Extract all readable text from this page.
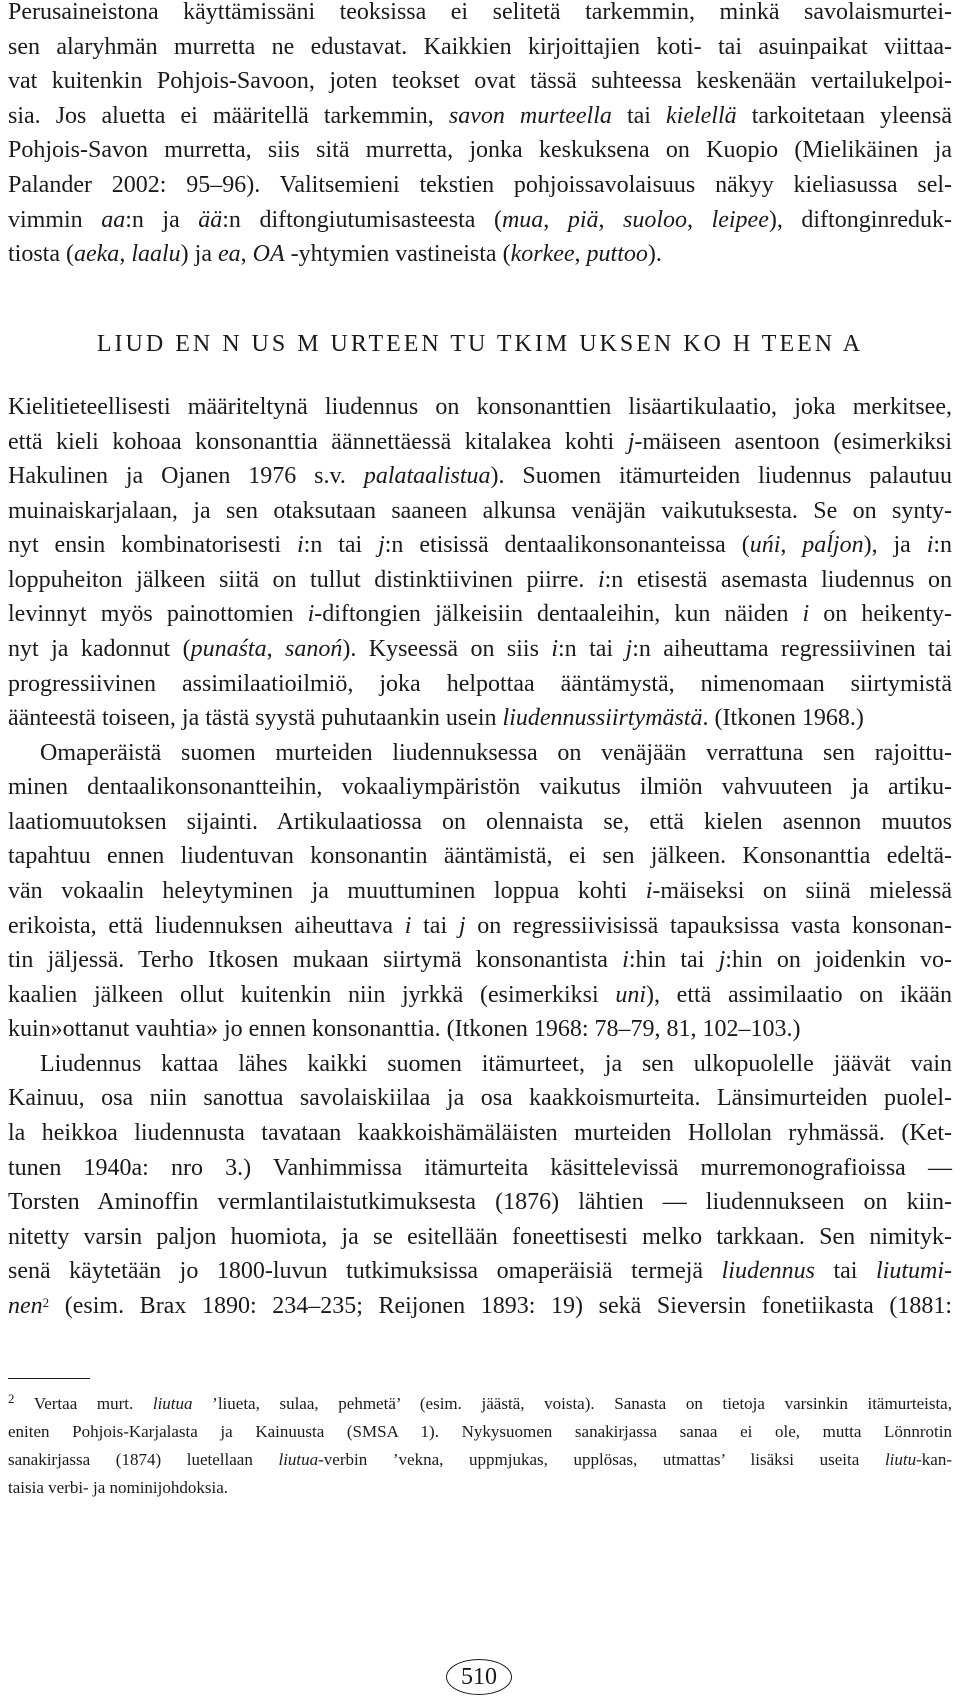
Perusaineistona käyttämissäni teoksissa ei selitetä tarkemmin, minkä savolaismurtei-
sen alaryhmän murretta ne edustavat. Kaikkien kirjoittajien koti- tai asuinpaikat viittaa-
vat kuitenkin Pohjois-Savoon, joten teokset ovat tässä suhteessa keskenään vertailukelpoi-
sia. Jos aluetta ei määritellä tarkemmin, savon murteella tai kielellä tarkoitetaan yleensä
Pohjois-Savon murretta, siis sitä murretta, jonka keskuksena on Kuopio (Mielikäinen ja
Palander 2002: 95–96). Valitsemieni tekstien pohjoissavolaisuus näkyy kieliasussa sel-
vimmin aa:n ja ää:n diftongiutumisasteesta (mua, piä, suoloo, leipee), diftonginreduk-
tiosta (aeka, laalu) ja ea, OA -yhtymien vastineista (korkee, puttoo).
LIUD EN N US M URTEEN TU TKIM UKSEN KO H TEEN A
Kielitieteellisesti määriteltynä liudennus on konsonanttien lisäartikulaatio, joka merkitsee,
että kieli kohoaa konsonanttia äännettäessä kitalakea kohti j-mäiseen asentoon (esimerkiksi
Hakulinen ja Ojanen 1976 s.v. palataalistua). Suomen itämurteiden liudennus palautuu
muinaiskarjalaan, ja sen otaksutaan saaneen alkunsa venäjän vaikutuksesta. Se on synty-
nyt ensin kombinatorisesti i:n tai j:n etisissä dentaalikonsonanteissa (uńi, paĺjon), ja i:n
loppuheiton jälkeen siitä on tullut distinktiivinen piirre. i:n etisestä asemasta liudennus on
levinnyt myös painottomien i-diftongien jälkeisiin dentaaleihin, kun näiden i on heikenty-
nyt ja kadonnut (punaśta, sanoń). Kyseessä on siis i:n tai j:n aiheuttama regressiivinen tai
progressiivinen assimilaatioilmiö, joka helpottaa ääntämystä, nimenomaan siirtymistä
äänteestä toiseen, ja tästä syystä puhutaankin usein liudennussiirtymästä. (Itkonen 1968.)
Omaperäistä suomen murteiden liudennuksessa on venäjään verrattuna sen rajoittu-
minen dentaalikonsonantteihin, vokaaliympäristön vaikutus ilmiön vahvuuteen ja artiku-
laatiomuutoksen sijainti. Artikulaatiossa on olennaista se, että kielen asennon muutos
tapahtuu ennen liudentuvan konsonantin ääntämistä, ei sen jälkeen. Konsonanttia edeltä-
vän vokaalin heleytyminen ja muuttuminen loppua kohti i-mäiseksi on siinä mielessä
erikoista, että liudennuksen aiheuttava i tai j on regressiivisissä tapauksissa vasta konsonan-
tin jäljessä. Terho Itkosen mukaan siirtymä konsonantista i:hin tai j:hin on joidenkin vo-
kaalien jälkeen ollut kuitenkin niin jyrkkä (esimerkiksi uni), että assimilaatio on ikään
kuin»ottanut vauhtia» jo ennen konsonanttia. (Itkonen 1968: 78–79, 81, 102–103.)
Liudennus kattaa lähes kaikki suomen itämurteet, ja sen ulkopuolelle jäävät vain
Kainuu, osa niin sanottua savolaiskiilaa ja osa kaakkoismurteita. Länsimurteiden puolel-
la heikkoa liudennusta tavataan kaakkoishämäläisten murteiden Hollolan ryhmässä. (Ket-
tunen 1940a: nro 3.) Vanhimmissa itämurteita käsittelevissä murremonografioissa —
Torsten Aminoffin vermlantilaistutkimuksesta (1876) lähtien — liudennukseen on kiin-
nitetty varsin paljon huomiota, ja se esitellään foneettisesti melko tarkkaan. Sen nimityk-
senä käytetään jo 1800-luvun tutkimuksissa omaperäisiä termejä liudennus tai liutumi-
nen$^2$ (esim. Brax 1890: 234–235; Reijonen 1893: 19) sekä Sieversin fonetiikasta (1881:
$^2$ Vertaa murt. liutua ’liueta, sulaa, pehmetä’ (esim. jäästä, voista). Sanasta on tietoja varsinkin itämurteista,
eniten Pohjois-Karjalasta ja Kainuusta (SMSA 1). Nykysuomen sanakirjassa sanaa ei ole, mutta Lönnrotin
sanakirjassa (1874) luetellaan liutua-verbin ’vekna, uppmjukas, upplösas, utmattas’ lisäksi useita liutu-kan-
taisia verbi- ja nominijohdoksia.
510
